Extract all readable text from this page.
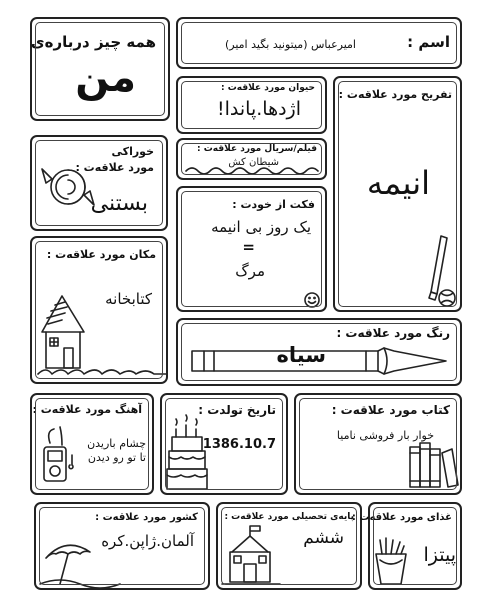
همه چیز درباره‌ی
من
اسم :
امیرعباس (میتونید بگید امیر)
حیوان مورد علاقه‌ت :
اژدها.پاندا!
فیلم/سریال مورد علاقه‌ت :
شیطان کش
تفریح مورد علاقه‌ت :
انیمه
خوراکی
مورد علاقه‌ت :
بستنی	فکت از خودت :
یک روز بی انیمه
=
مرگ
مکان مورد علاقه‌ت :
کتابخانه
رنگ مورد علاقه‌ت :
سیاه
آهنگ مورد علاقه‌ت :
چشام باریدن
تا تو رو دیدن
تاریخ تولدت :
1386.10.7
کتاب مورد علاقه‌ت :
خوار بار فروشی نامیا
کشور مورد علاقه‌ت :
آلمان.ژاپن.کره
پایه‌ی تحصیلی مورد علاقه‌ت :
ششم
غذای مورد علاقه‌ت :
پیتزا
